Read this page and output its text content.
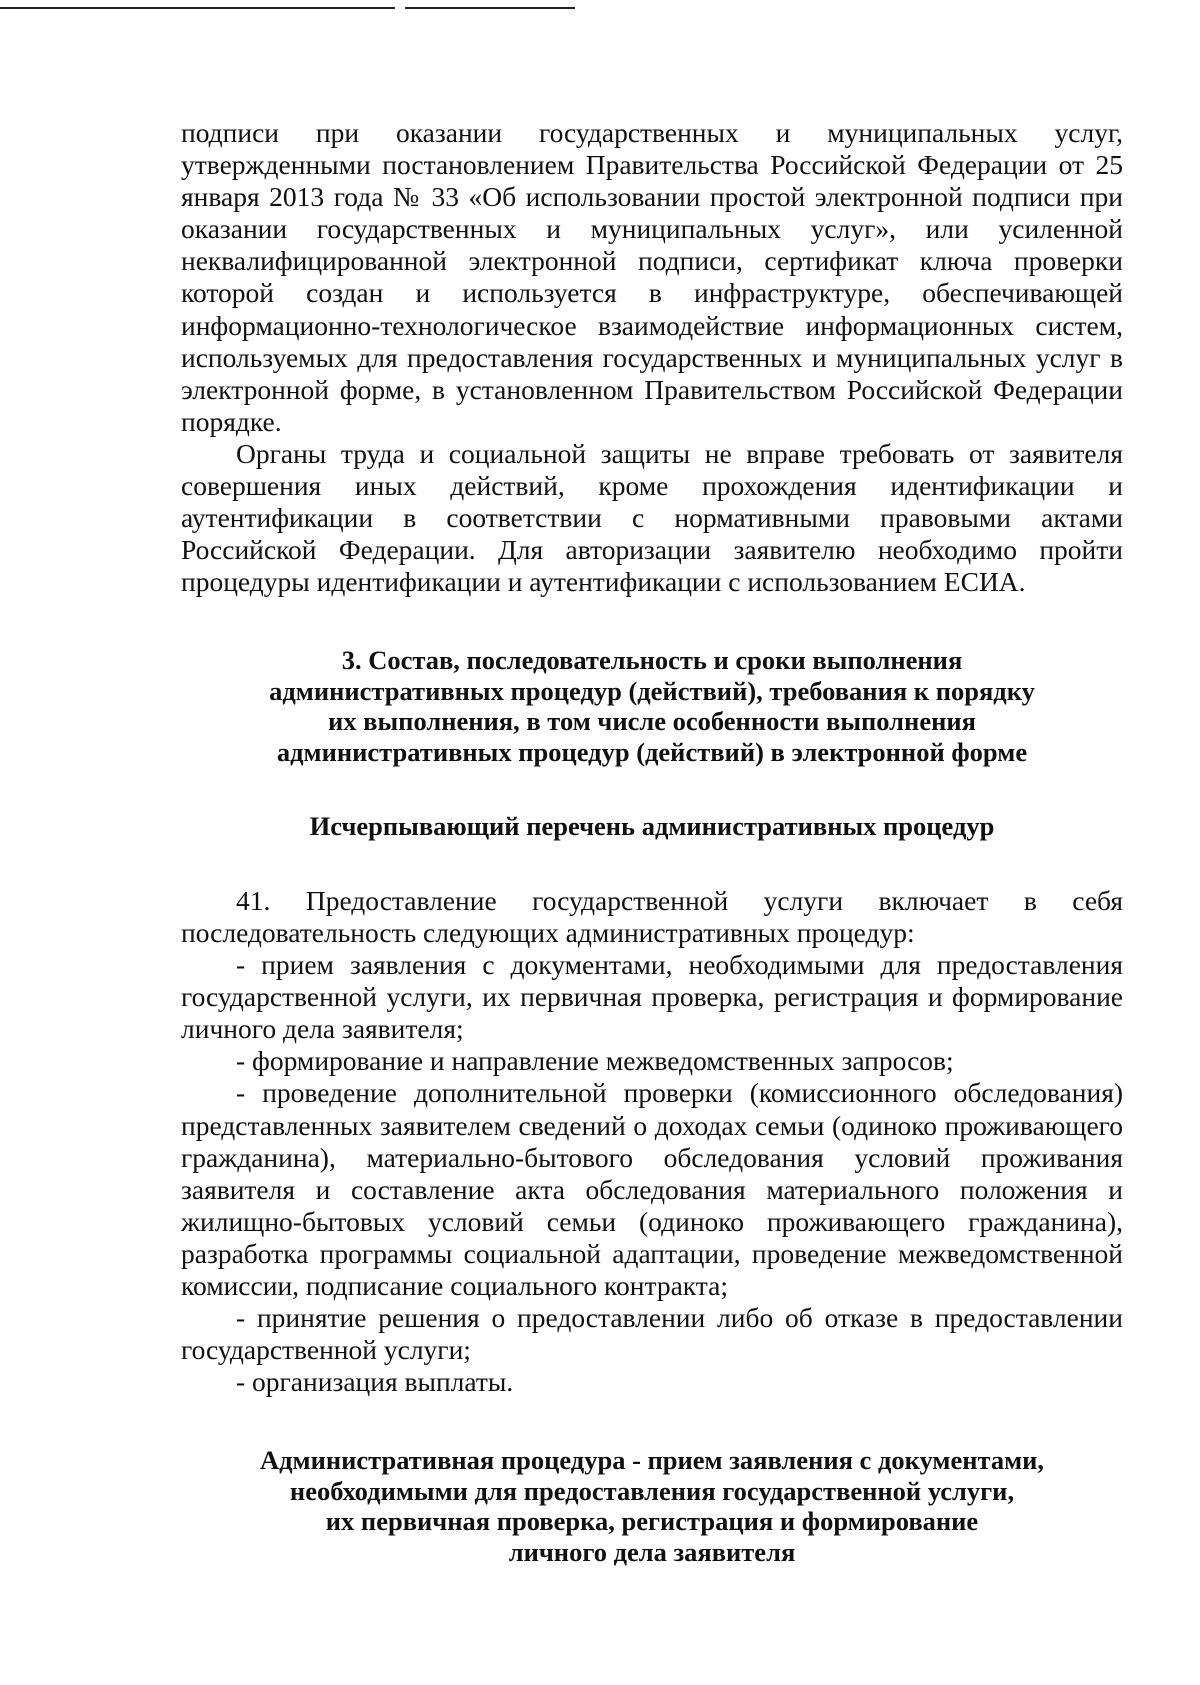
подписи при оказании государственных и муниципальных услуг, утвержденными постановлением Правительства Российской Федерации от 25 января 2013 года № 33 «Об использовании простой электронной подписи при оказании государственных и муниципальных услуг», или усиленной неквалифицированной электронной подписи, сертификат ключа проверки которой создан и используется в инфраструктуре, обеспечивающей информационно-технологическое взаимодействие информационных систем, используемых для предоставления государственных и муниципальных услуг в электронной форме, в установленном Правительством Российской Федерации порядке.

Органы труда и социальной защиты не вправе требовать от заявителя совершения иных действий, кроме прохождения идентификации и аутентификации в соответствии с нормативными правовыми актами Российской Федерации. Для авторизации заявителю необходимо пройти процедуры идентификации и аутентификации с использованием ЕСИА.

3. Состав, последовательность и сроки выполнения
административных процедур (действий), требования к порядку
их выполнения, в том числе особенности выполнения
административных процедур (действий) в электронной форме
Исчерпывающий перечень административных процедур

41. Предоставление государственной услуги включает в себя последовательность следующих административных процедур:

- прием заявления с документами, необходимыми для предоставления государственной услуги, их первичная проверка, регистрация и формирование личного дела заявителя;

- формирование и направление межведомственных запросов;

- проведение дополнительной проверки (комиссионного обследования) представленных заявителем сведений о доходах семьи (одиноко проживающего гражданина), материально-бытового обследования условий проживания заявителя и составление акта обследования материального положения и жилищно-бытовых условий семьи (одиноко проживающего гражданина), разработка программы социальной адаптации, проведение межведомственной комиссии, подписание социального контракта;

- принятие решения о предоставлении либо об отказе в предоставлении государственной услуги;

- организация выплаты.

Административная процедура - прием заявления с документами,
необходимыми для предоставления государственной услуги,
их первичная проверка, регистрация и формирование
личного дела заявителя
